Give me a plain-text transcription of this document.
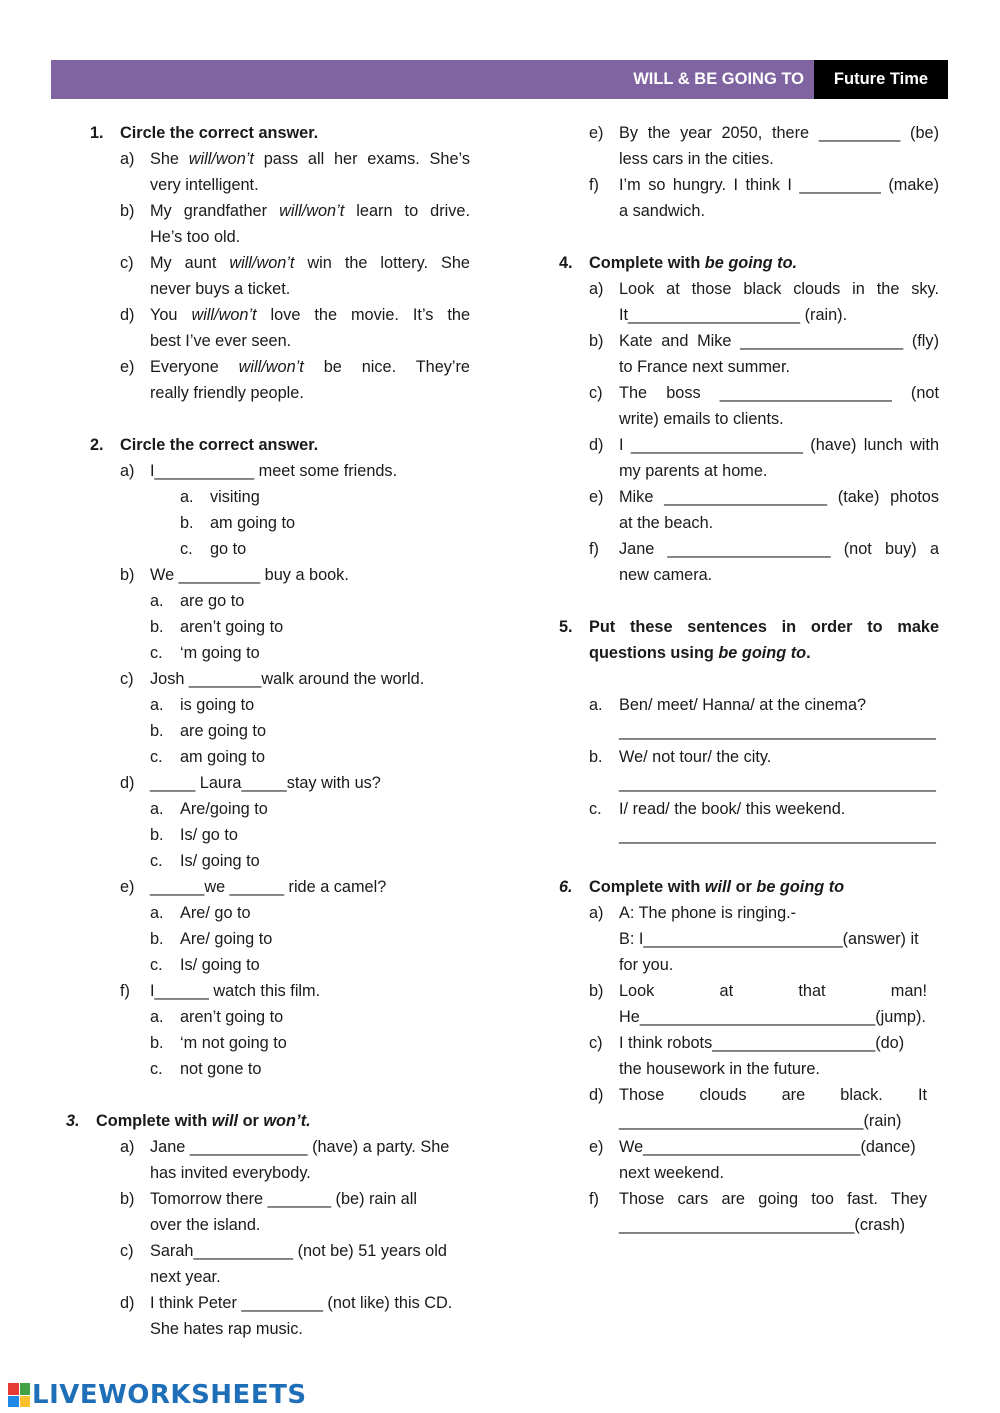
WILL & BE GOING TO	Future Time
1. Circle the correct answer.
a) She will/won’t pass all her exams. She’s
very intelligent.
b) My grandfather will/won’t learn to drive.
He’s too old.
c) My aunt will/won’t win the lottery. She
never buys a ticket.
d) You will/won’t love the movie. It’s the
best I’ve ever seen.
e) Everyone will/won’t be nice. They’re
really friendly people.
2. Circle the correct answer.
a) I___________ meet some friends.
a. visiting
b. am going to
c. go to
b) We _________ buy a book.
a. are go to
b. aren’t going to
c. ‘m going to
c) Josh ________walk around the world.
a. is going to
b. are going to
c. am going to
d) _____ Laura_____stay with us?
a. Are/going to
b. Is/ go to
c. Is/ going to
e) ______we ______ ride a camel?
a. Are/ go to
b. Are/ going to
c. Is/ going to
f) I______ watch this film.
a. aren’t going to
b. ‘m not going to
c. not gone to
3. Complete with will or won’t.
a) Jane _____________ (have) a party. She
has invited everybody.
b) Tomorrow there _______ (be) rain all
over the island.
c) Sarah___________ (not be) 51 years old
next year.
d) I think Peter _________ (not like) this CD.
She hates rap music.
e) By the year 2050, there _________ (be)
less cars in the cities.
f) I’m so hungry. I think I _________ (make)
a sandwich.
4. Complete with be going to.
a) Look at those black clouds in the sky.
It___________________ (rain).
b) Kate and Mike __________________ (fly)
to France next summer.
c) The boss ___________________ (not
write) emails to clients.
d) I ___________________ (have) lunch with
my parents at home.
e) Mike __________________ (take) photos
at the beach.
f) Jane __________________ (not buy) a
new camera.
5. Put these sentences in order to make
questions using be going to.
a. Ben/ meet/ Hanna/ at the cinema?
___________________________________
b. We/ not tour/ the city.
___________________________________
c. I/ read/ the book/ this weekend.
___________________________________
6. Complete with will or be going to
a) A: The phone is ringing.-
B: I______________________(answer) it
for you.
b) Look at that man!
He__________________________(jump).
c) I think robots__________________(do)
the housework in the future.
d) Those clouds are black. It
___________________________(rain)
e) We________________________(dance)
next weekend.
f) Those cars are going too fast. They
__________________________(crash)
LIVEWORKSHEETS
